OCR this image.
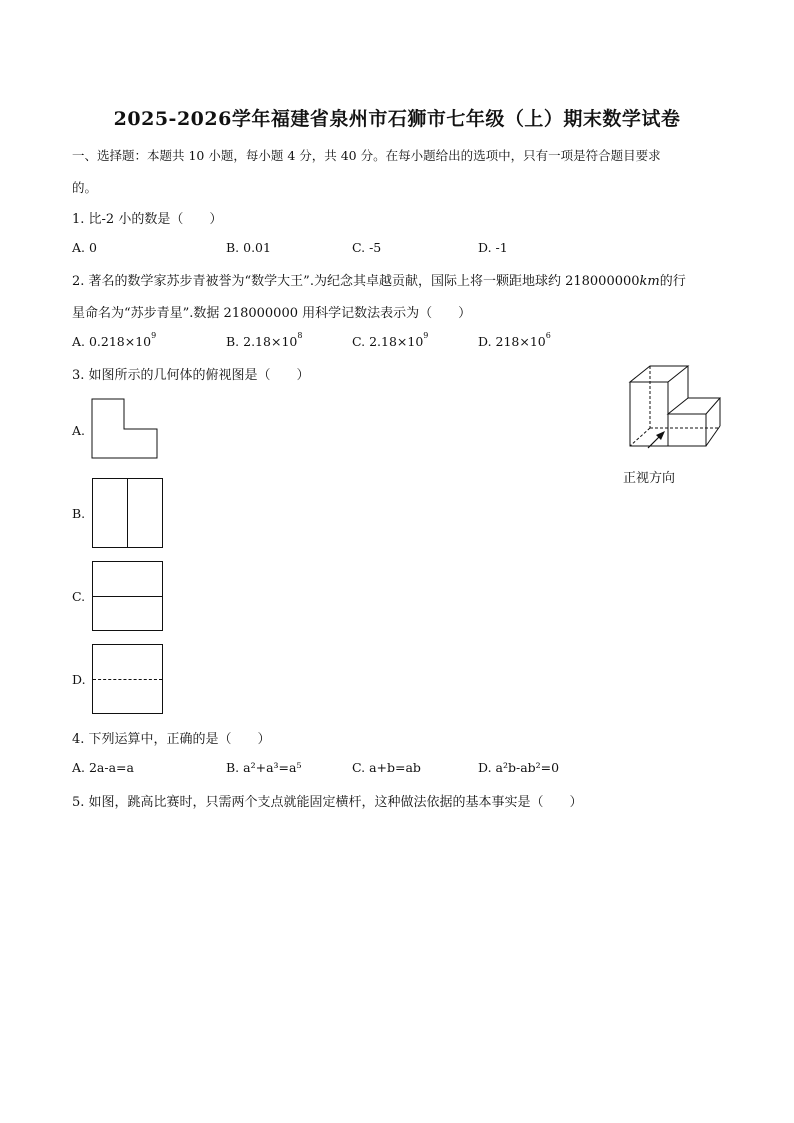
2025-2026学年福建省泉州市石狮市七年级（上）期末数学试卷
一、选择题：本题共 10 小题，每小题 4 分，共 40 分。在每小题给出的选项中，只有一项是符合题目要求
的。
1. 比-2 小的数是（　　）
A. 0	B. 0.01	C. -5	D. -1
2. 著名的数学家苏步青被誉为“数学大王”.为纪念其卓越贡献，国际上将一颗距地球约 218000000km的行
星命名为“苏步青星”.数据 218000000 用科学记数法表示为（　　）
A. $0.218\times 10^9$	B. $2.18\times 10^8$	C. $2.18\times 10^9$	D. $218\times 10^6$
3. 如图所示的几何体的俯视图是（　　）
正视方向
A.
B.
C.
D.
4. 下列运算中，正确的是（　　）
A. 2a-a=a	B. a²+a³=a⁵	C. a+b=ab	D. a²b-ab²=0
5. 如图，跳高比赛时，只需两个支点就能固定横杆，这种做法依据的基本事实是（　　）
